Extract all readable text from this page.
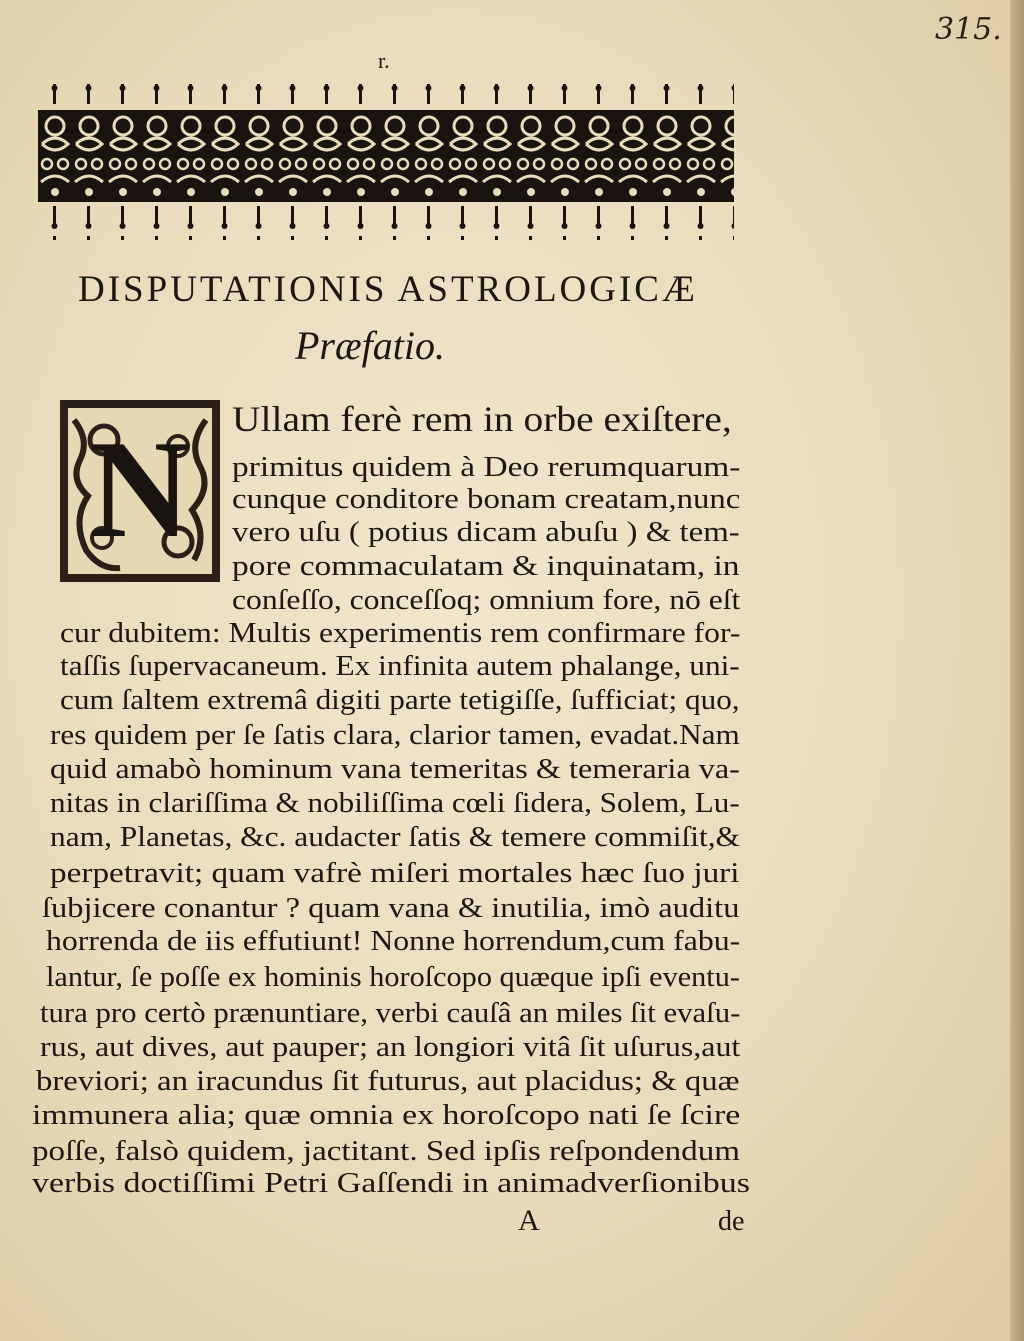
315.
r.
DISPUTATIONIS ASTROLOGICÆ
Præfatio.
N Ullam ferè rem in orbe exiſtere,
primitus quidem à Deo rerumquarum-
cunque conditore bonam creatam,nunc
vero uſu ( potius dicam abuſu ) & tem-
pore commaculatam & inquinatam, in
conſeſſo, conceſſoq; omnium fore, nō eſt
cur dubitem: Multis experimentis rem confirmare for-
taſſis ſupervacaneum. Ex infinita autem phalange, uni-
cum ſaltem extremâ digiti parte tetigiſſe, ſufficiat; quo,
res quidem per ſe ſatis clara, clarior tamen, evadat.Nam
quid amabò hominum vana temeritas & temeraria va-
nitas in clariſſima & nobiliſſima cœli ſidera, Solem, Lu-
nam, Planetas, &c. audacter ſatis & temere commiſit,&
perpetravit; quam vafrè miſeri mortales hæc ſuo juri
ſubjicere conantur ? quam vana & inutilia, imò auditu
horrenda de iis effutiunt! Nonne horrendum,cum fabu-
lantur, ſe poſſe ex hominis horoſcopo quæque ipſi eventu-
tura pro certò prænuntiare, verbi cauſâ an miles ſit evaſu-
rus, aut dives, aut pauper; an longiori vitâ ſit uſurus,aut
breviori; an iracundus ſit futurus, aut placidus; & quæ
immunera alia; quæ omnia ex horoſcopo nati ſe ſcire
poſſe, falsò quidem, jactitant. Sed ipſis reſpondendum
verbis doctiſſimi Petri Gaſſendi in animadverſionibus
A	de
